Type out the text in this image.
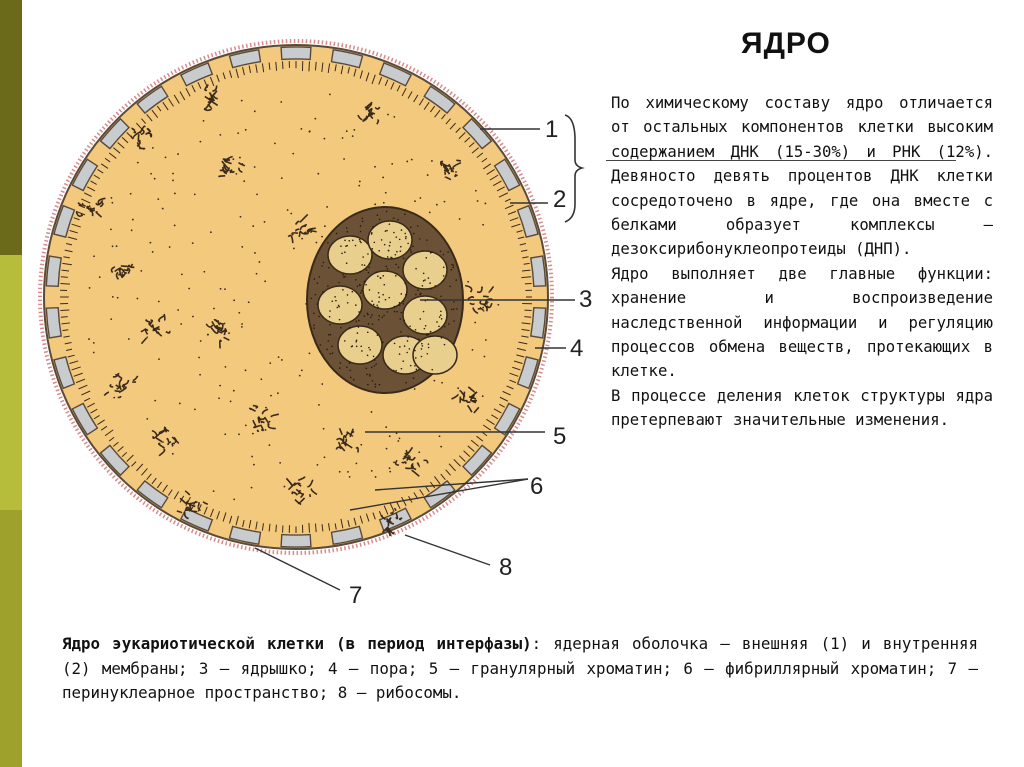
1
2
3
4
5
6
7
8
ЯДРО

По химическому составу ядро отличается от остальных компонентов клетки высоким содержанием ДНК (15-30%) и РНК (12%). Девяносто девять процентов ДНК клетки сосредоточено в ядре, где она вместе с белками образует комплексы – дезоксирибонуклеопротеиды (ДНП).

Ядро выполняет две главные функции: хранение и воспроизведение наследственной информации и регуляцию процессов обмена веществ, протекающих в клетке.

В процессе деления клеток структуры ядра претерпевают значительные изменения.

Ядро эукариотической клетки (в период интерфазы): ядерная оболочка – внешняя (1) и внутренняя (2) мембраны; 3 – ядрышко; 4 – пора; 5 – гранулярный хроматин; 6 – фибриллярный хроматин; 7 – перинуклеарное пространство; 8 – рибосомы.
